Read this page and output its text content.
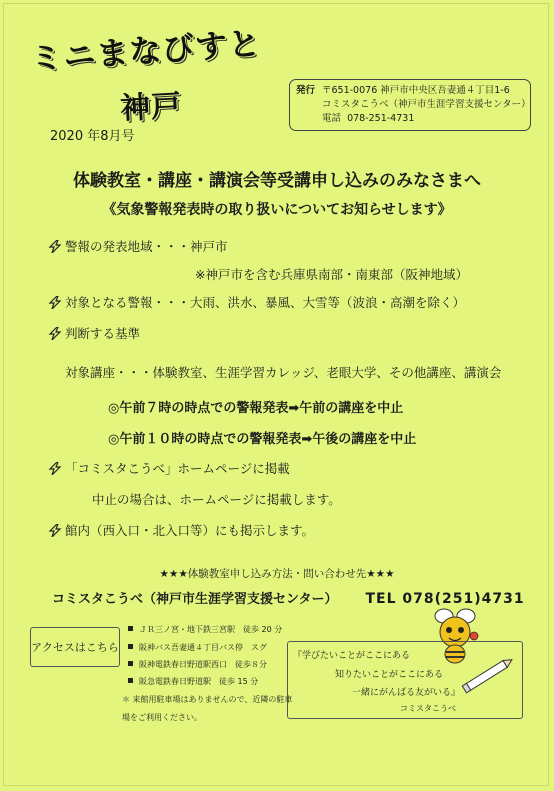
ミニまなびすと
神戸	発行 〒651-0076 神戸市中央区吾妻通４丁目1-6
コミスタこうべ（神戸市生涯学習支援センター）
電話 078-251-4731
2020 年8月号
体験教室・講座・講演会等受講申し込みのみなさまへ
《気象警報発表時の取り扱いについてお知らせします》
警報の発表地域・・・神戸市
※神戸市を含む兵庫県南部・南東部（阪神地域）
対象となる警報・・・大雨、洪水、暴風、大雪等（波浪・高潮を除く）
判断する基準
対象講座・・・体験教室、生涯学習カレッジ、老眼大学、その他講座、講演会
◎午前７時の時点での警報発表➡午前の講座を中止
◎午前１０時の時点での警報発表➡午後の講座を中止
「コミスタこうべ」ホームページに掲載
中止の場合は、ホームページに掲載します。
館内（西入口・北入口等）にも掲示します。
★★★体験教室申し込み方法・問い合わせ先★★★
コミスタこうべ（神戸市生涯学習支援センター） TEL 078(251)4731
アクセスはこちら
ＪＲ三ノ宮・地下鉄三宮駅　徒歩 20 分
阪神バス吾妻通４丁目バス停　スグ
阪神電鉄春日野道駅西口　徒歩８分
阪急電鉄春日野道駅　徒歩 15 分
＊ 来館用駐車場はありませんので、近隣の駐車
場をご利用ください。
『学びたいことがここにある
知りたいことがここにある
一緒にがんばる友がいる』
コミスタこうべ
